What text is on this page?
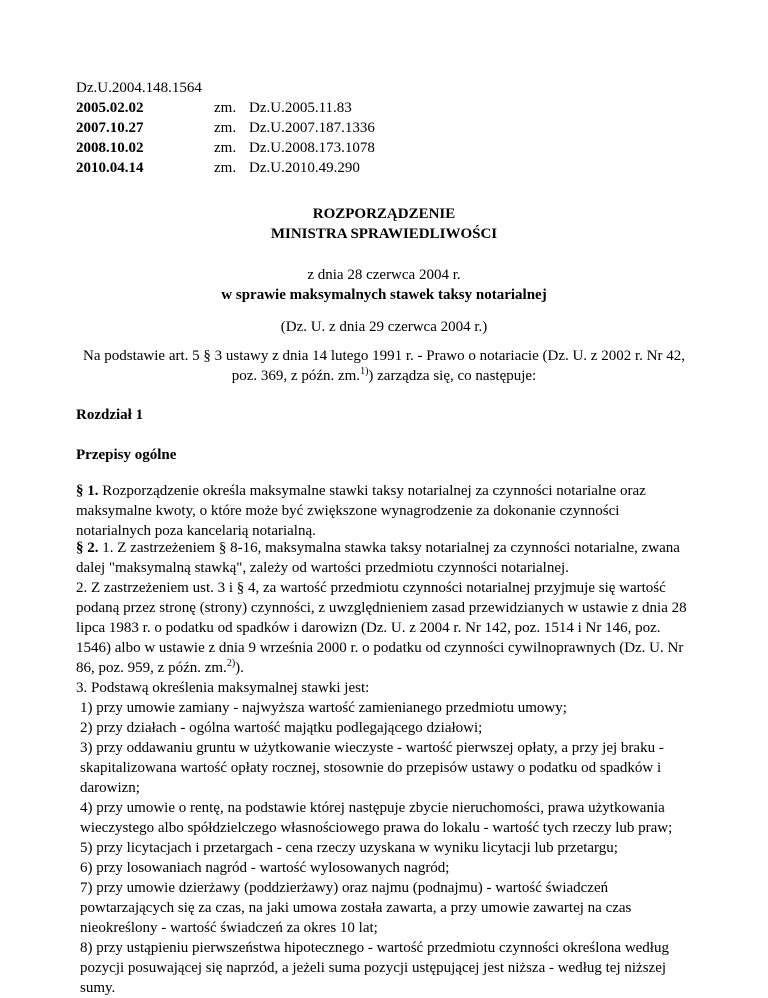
Dz.U.2004.148.1564
2005.02.02	zm. Dz.U.2005.11.83
2007.10.27	zm. Dz.U.2007.187.1336
2008.10.02	zm. Dz.U.2008.173.1078
2010.04.14	zm. Dz.U.2010.49.290
ROZPORZĄDZENIE
MINISTRA SPRAWIEDLIWOŚCI
z dnia 28 czerwca 2004 r.
w sprawie maksymalnych stawek taksy notarialnej
(Dz. U. z dnia 29 czerwca 2004 r.)
Na podstawie art. 5 § 3 ustawy z dnia 14 lutego 1991 r. - Prawo o notariacie (Dz. U. z 2002 r. Nr 42,
poz. 369, z późn. zm.$^{1)}$) zarządza się, co następuje:
Rozdział 1
Przepisy ogólne
§ 1. Rozporządzenie określa maksymalne stawki taksy notarialnej za czynności notarialne oraz maksymalne kwoty, o które może być zwiększone wynagrodzenie za dokonanie czynności notarialnych poza kancelarią notarialną.

§ 2. 1. Z zastrzeżeniem § 8-16, maksymalna stawka taksy notarialnej za czynności notarialne, zwana dalej "maksymalną stawką", zależy od wartości przedmiotu czynności notarialnej.

2. Z zastrzeżeniem ust. 3 i § 4, za wartość przedmiotu czynności notarialnej przyjmuje się wartość podaną przez stronę (strony) czynności, z uwzględnieniem zasad przewidzianych w ustawie z dnia 28 lipca 1983 r. o podatku od spadków i darowizn (Dz. U. z 2004 r. Nr 142, poz. 1514 i Nr 146, poz. 1546) albo w ustawie z dnia 9 września 2000 r. o podatku od czynności cywilnoprawnych (Dz. U. Nr 86, poz. 959, z późn. zm.$^{2)}$).

3. Podstawą określenia maksymalnej stawki jest:

1) przy umowie zamiany - najwyższa wartość zamienianego przedmiotu umowy;

2) przy działach - ogólna wartość majątku podlegającego działowi;

3) przy oddawaniu gruntu w użytkowanie wieczyste - wartość pierwszej opłaty, a przy jej braku - skapitalizowana wartość opłaty rocznej, stosownie do przepisów ustawy o podatku od spadków i darowizn;

4) przy umowie o rentę, na podstawie której następuje zbycie nieruchomości, prawa użytkowania wieczystego albo spółdzielczego własnościowego prawa do lokalu - wartość tych rzeczy lub praw;

5) przy licytacjach i przetargach - cena rzeczy uzyskana w wyniku licytacji lub przetargu;

6) przy losowaniach nagród - wartość wylosowanych nagród;

7) przy umowie dzierżawy (poddzierżawy) oraz najmu (podnajmu) - wartość świadczeń powtarzających się za czas, na jaki umowa została zawarta, a przy umowie zawartej na czas nieokreślony - wartość świadczeń za okres 10 lat;

8) przy ustąpieniu pierwszeństwa hipotecznego - wartość przedmiotu czynności określona według pozycji posuwającej się naprzód, a jeżeli suma pozycji ustępującej jest niższa - według tej niższej sumy.
